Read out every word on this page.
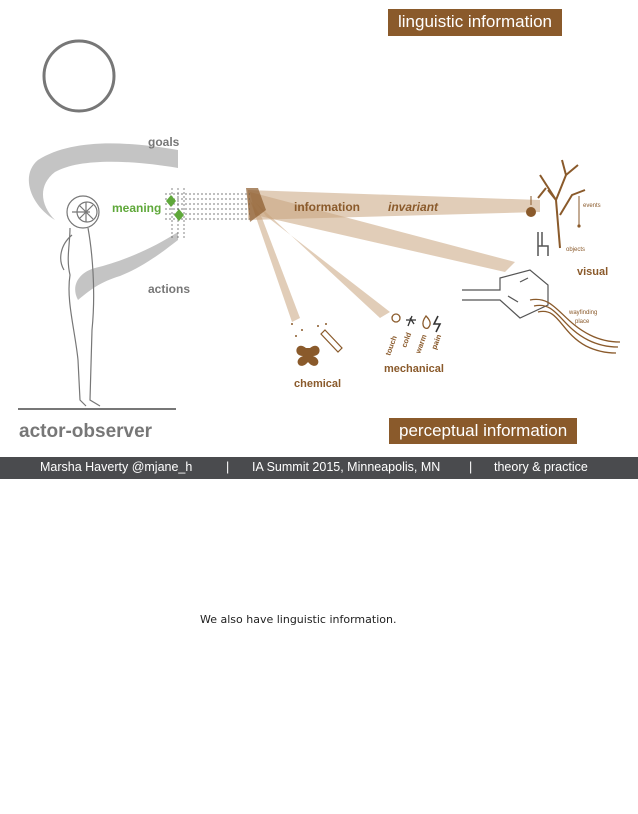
goals
meaning
actions
actor-observer
information invariant	events
objects
visual
wayfinding
place
chemical
touch cold warm pain
mechanical
linguistic information
perceptual information
Marsha Haverty @mjane_h	| IA Summit 2015, Minneapolis, MN | theory & practice
We also have linguistic information.
